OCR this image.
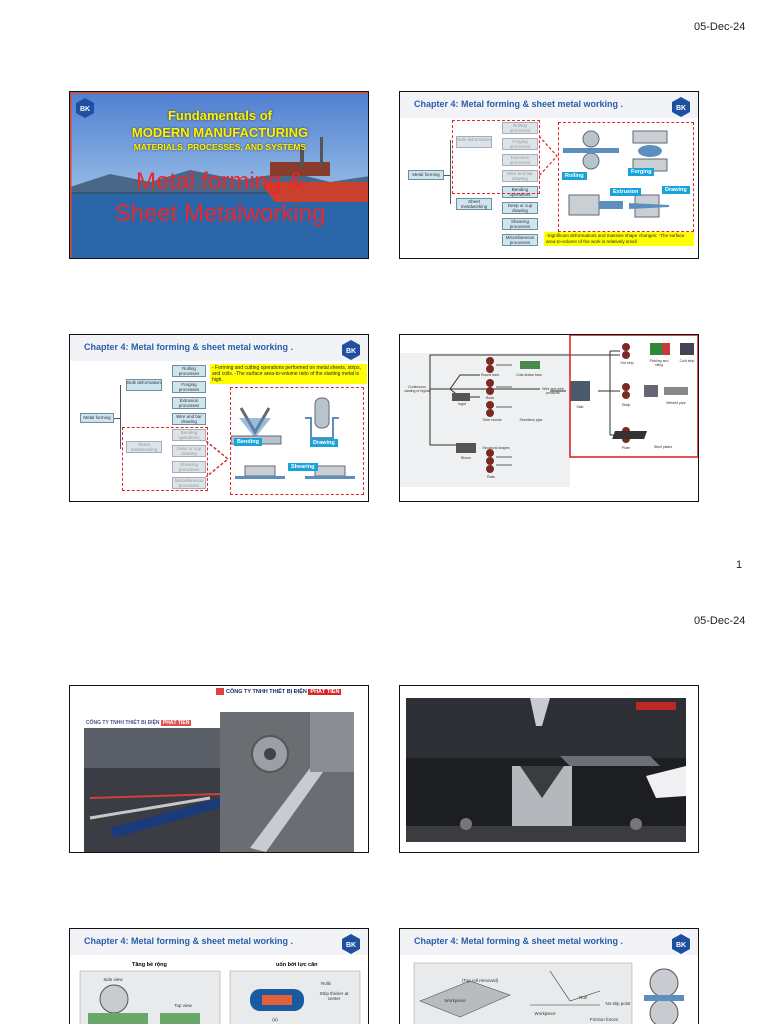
05-Dec-24
BK	Fundamentals of
MODERN MANUFACTURING
MATERIALS, PROCESSES, AND SYSTEMS
Metal forming &
Sheet Metalworking
Chapter 4: Metal forming & sheet metal working .	BK
Metal forming
Bulk deformation
Sheet metalworking
Rolling processes
Forging processes
Extrusion processes
Wire and bar drawing
Bending operations
Deep or cup drawing
Shearing processes
Miscellaneous processes
Rolling
Forging
Extrusion	Drawing
-Significant deformations and massive shape changes; -The surface area-to-volume of the work is relatively small
Chapter 4: Metal forming & sheet metal working .	BK
- Forming and cutting operations performed on metal sheets, strips, and coils. -The surface area-to-volume ratio of the starting metal is high.
Metal forming
Bulk deformation
Sheet metalworking
Rolling processes
Forging processes
Extrusion processes
Wire and bar drawing
Bending operations
Deep or cup drawing
Shearing processes
Miscellaneous processes
Bending	Drawing
Shearing
Continuous casting of ingots
Ingot
Round bars	Cold-drawn bars
Wire and wire products
Rods
Tube rounds	Seamless pipe
Bloom
Structural shapes
Rails
Slab
Hot strip	Pickling and oiling
Cold strip
Skelp	Welded pipe
Plate	Steel plates
1
05-Dec-24
CÔNG TY TNHH THIẾT BỊ ĐIỆN PHÁT TIẾN
CÔNG TY TNHH THIẾT BỊ ĐIỆN PHÁT TIẾN
Chapter 4: Metal forming & sheet metal working .	BK
Tăng bề rộng	uốn bởi lực căn
Side view
Top view
Rolls
Strip thicker at center
(a)
Chapter 4: Metal forming & sheet metal working .	BK
(Top roll removed)
Workpiece
Workpiece
Roll
No-slip point
Friction forces
